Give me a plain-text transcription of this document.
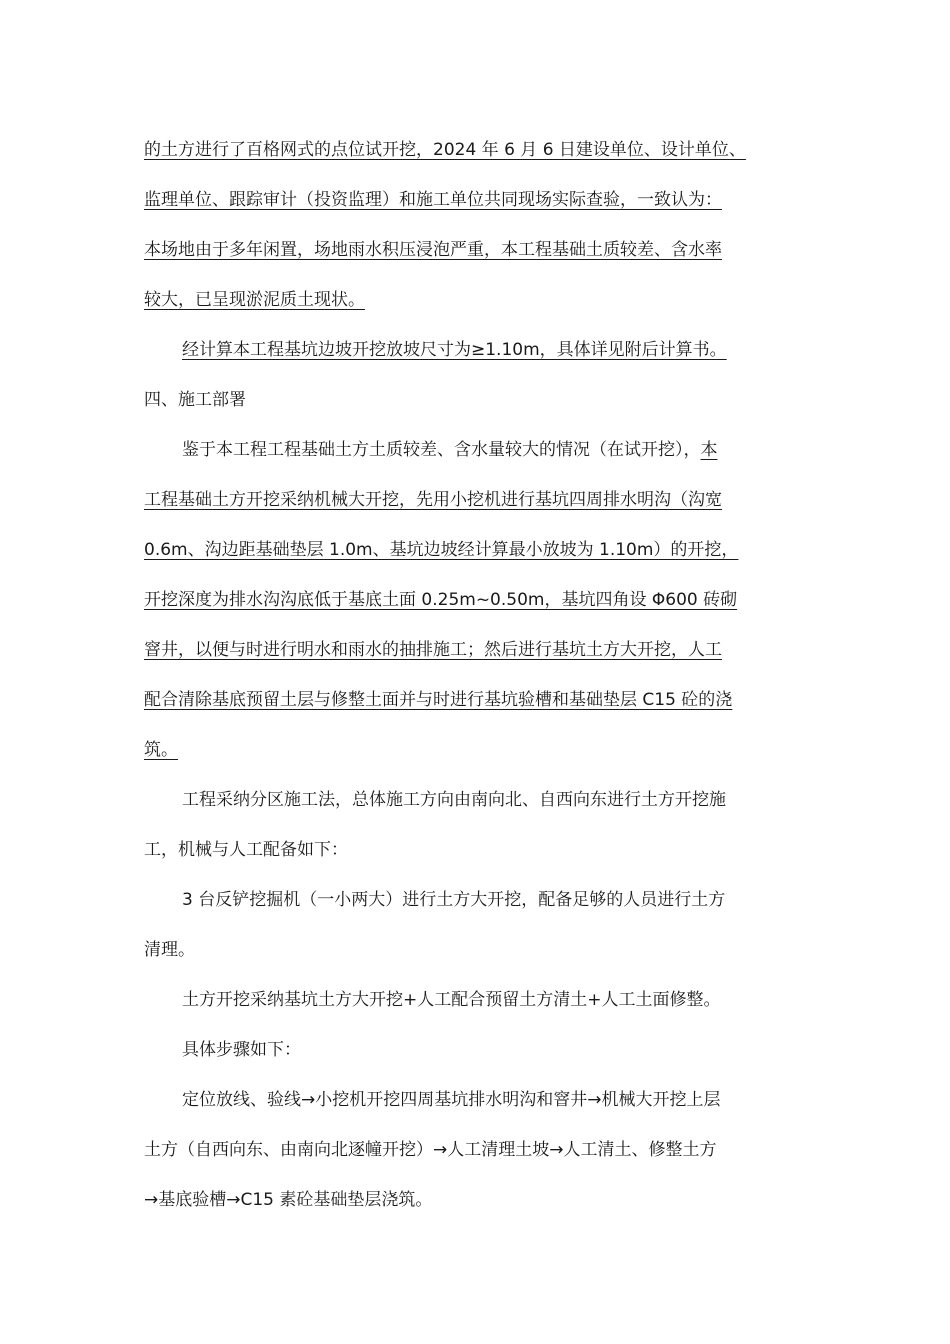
的土方进行了百格网式的点位试开挖，2024 年 6 月 6 日建设单位、设计单位、
监理单位、跟踪审计（投资监理）和施工单位共同现场实际查验，一致认为：
本场地由于多年闲置，场地雨水积压浸泡严重，本工程基础土质较差、含水率
较大，已呈现淤泥质土现状。
经计算本工程基坑边坡开挖放坡尺寸为≥1.10m，具体详见附后计算书。
四、施工部署
鉴于本工程工程基础土方土质较差、含水量较大的情况（在试开挖），本
工程基础土方开挖采纳机械大开挖，先用小挖机进行基坑四周排水明沟（沟宽
0.6m、沟边距基础垫层 1.0m、基坑边坡经计算最小放坡为 1.10m）的开挖，
开挖深度为排水沟沟底低于基底土面 0.25m~0.50m，基坑四角设 Φ600 砖砌
窨井，以便与时进行明水和雨水的抽排施工；然后进行基坑土方大开挖，人工
配合清除基底预留土层与修整土面并与时进行基坑验槽和基础垫层 C15 砼的浇
筑。
工程采纳分区施工法，总体施工方向由南向北、自西向东进行土方开挖施
工，机械与人工配备如下：
3 台反铲挖掘机（一小两大）进行土方大开挖，配备足够的人员进行土方
清理。
土方开挖采纳基坑土方大开挖+人工配合预留土方清土+人工土面修整。
具体步骤如下：
定位放线、验线→小挖机开挖四周基坑排水明沟和窨井→机械大开挖上层
土方（自西向东、由南向北逐幢开挖）→人工清理土坡→人工清土、修整土方
→基底验槽→C15 素砼基础垫层浇筑。
